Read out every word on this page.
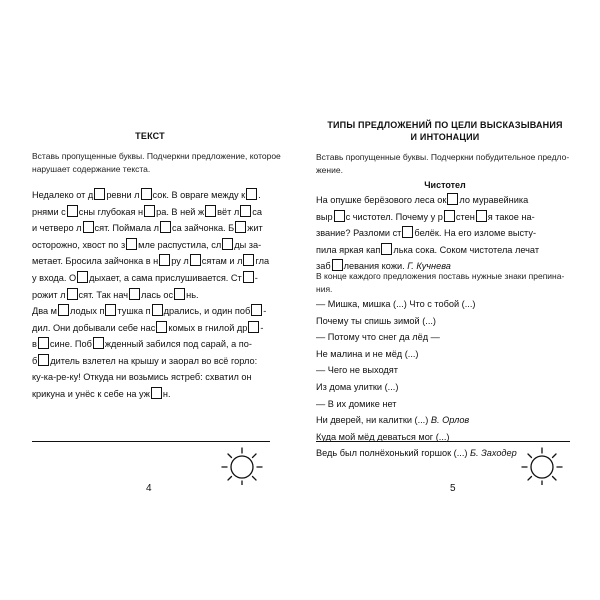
ТЕКСТ
Вставь пропущенные буквы. Подчеркни предложение, которое
нарушает содержание текста.
Недалеко от д ревни л сок. В овраге между к .
рнями с сны глубокая н ра. В ней ж вёт л са
и четверо л сят. Поймала л са зайчонка. Б жит
осторожно, хвост по з мле распустила, сл ды за-
метает. Бросила зайчонка в н ру л сятам и л гла
у входа. О дыхает, а сама прислушивается. Ст -
рожит л сят. Так нач лась ос нь.
Два м лодых п тушка п дрались, и один поб -
дил. Они добывали себе нас комых в гнилой др -
в сине. Поб жденный забился под сарай, а по-
б дитель взлетел на крышу и заорал во всё горло:
ку-ка-ре-ку! Откуда ни возьмись ястреб: схватил он
крикуна и унёс к себе на уж н.
4
ТИПЫ ПРЕДЛОЖЕНИЙ ПО ЦЕЛИ ВЫСКАЗЫВАНИЯ
И ИНТОНАЦИИ
Вставь пропущенные буквы. Подчеркни побудительное предло-
жение.
Чистотел
На опушке берёзового леса ок ло муравейника
выр с чистотел. Почему у р стен я такое на-
звание? Разломи ст белёк. На его изломе высту-
пила яркая кап лька сока. Соком чистотела лечат
заб левания кожи. Г. Кучнева
В конце каждого предложения поставь нужные знаки препина-
ния.
— Мишка, мишка (...) Что с тобой (...)
Почему ты спишь зимой (...)
— Потому что снег да лёд —
Не малина и не мёд (...)
— Чего не выходят
Из дома улитки (...)
— В их домике нет
Ни дверей, ни калитки (...) В. Орлов
Куда мой мёд деваться мог (...)
Ведь был полнёхонький горшок (...) Б. Заходер
5
